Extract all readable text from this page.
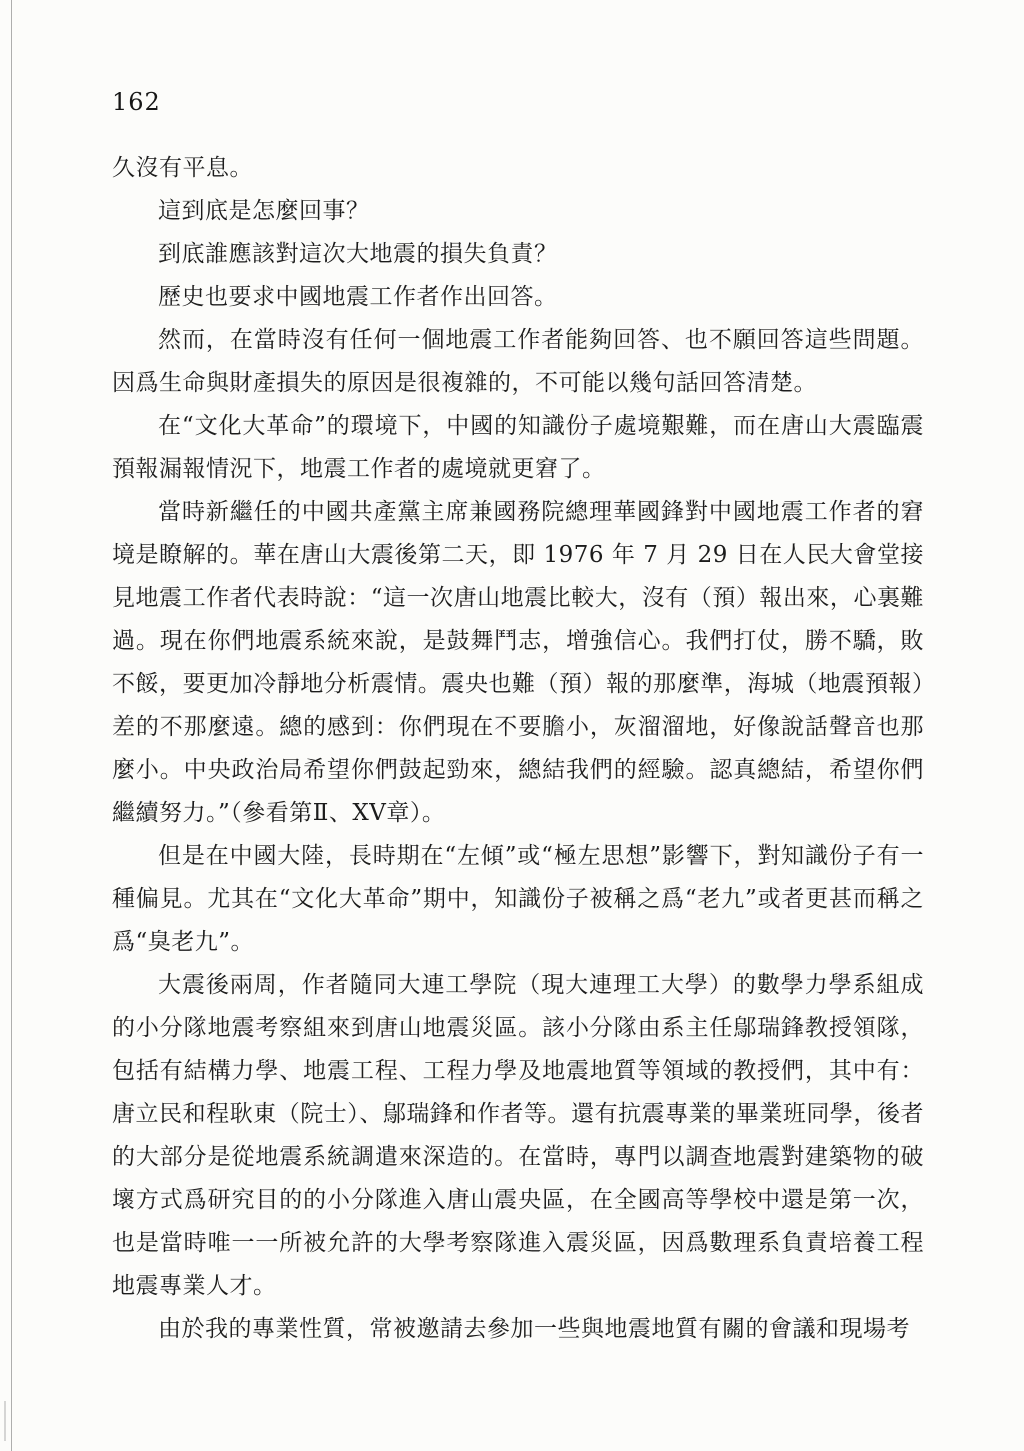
162

久沒有平息。

這到底是怎麼回事？

到底誰應該對這次大地震的損失負責？

歷史也要求中國地震工作者作出回答。

然而，在當時沒有任何一個地震工作者能夠回答、也不願回答這些問題。因爲生命與財產損失的原因是很複雜的，不可能以幾句話回答清楚。

在“文化大革命”的環境下，中國的知識份子處境艱難，而在唐山大震臨震預報漏報情況下，地震工作者的處境就更窘了。

當時新繼任的中國共產黨主席兼國務院總理華國鋒對中國地震工作者的窘境是瞭解的。華在唐山大震後第二天，即 1976 年 7 月 29 日在人民大會堂接見地震工作者代表時說：“這一次唐山地震比較大，沒有（預）報出來，心裏難過。現在你們地震系統來說，是鼓舞鬥志，增強信心。我們打仗，勝不驕，敗不餒，要更加冷靜地分析震情。震央也難（預）報的那麼準，海城（地震預報）差的不那麼遠。總的感到：你們現在不要膽小，灰溜溜地，好像說話聲音也那麼小。中央政治局希望你們鼓起勁來，總結我們的經驗。認真總結，希望你們繼續努力。”（參看第Ⅱ、XV章）。

但是在中國大陸，長時期在“左傾”或“極左思想”影響下，對知識份子有一種偏見。尤其在“文化大革命”期中，知識份子被稱之爲“老九”或者更甚而稱之爲“臭老九”。

大震後兩周，作者隨同大連工學院（現大連理工大學）的數學力學系組成的小分隊地震考察組來到唐山地震災區。該小分隊由系主任鄔瑞鋒教授領隊，包括有結構力學、地震工程、工程力學及地震地質等領域的教授們，其中有：唐立民和程耿東（院士）、鄔瑞鋒和作者等。還有抗震專業的畢業班同學，後者的大部分是從地震系統調遣來深造的。在當時，專門以調查地震對建築物的破壞方式爲研究目的的小分隊進入唐山震央區，在全國高等學校中還是第一次，也是當時唯一一所被允許的大學考察隊進入震災區，因爲數理系負責培養工程地震專業人才。

由於我的專業性質，常被邀請去參加一些與地震地質有關的會議和現場考
